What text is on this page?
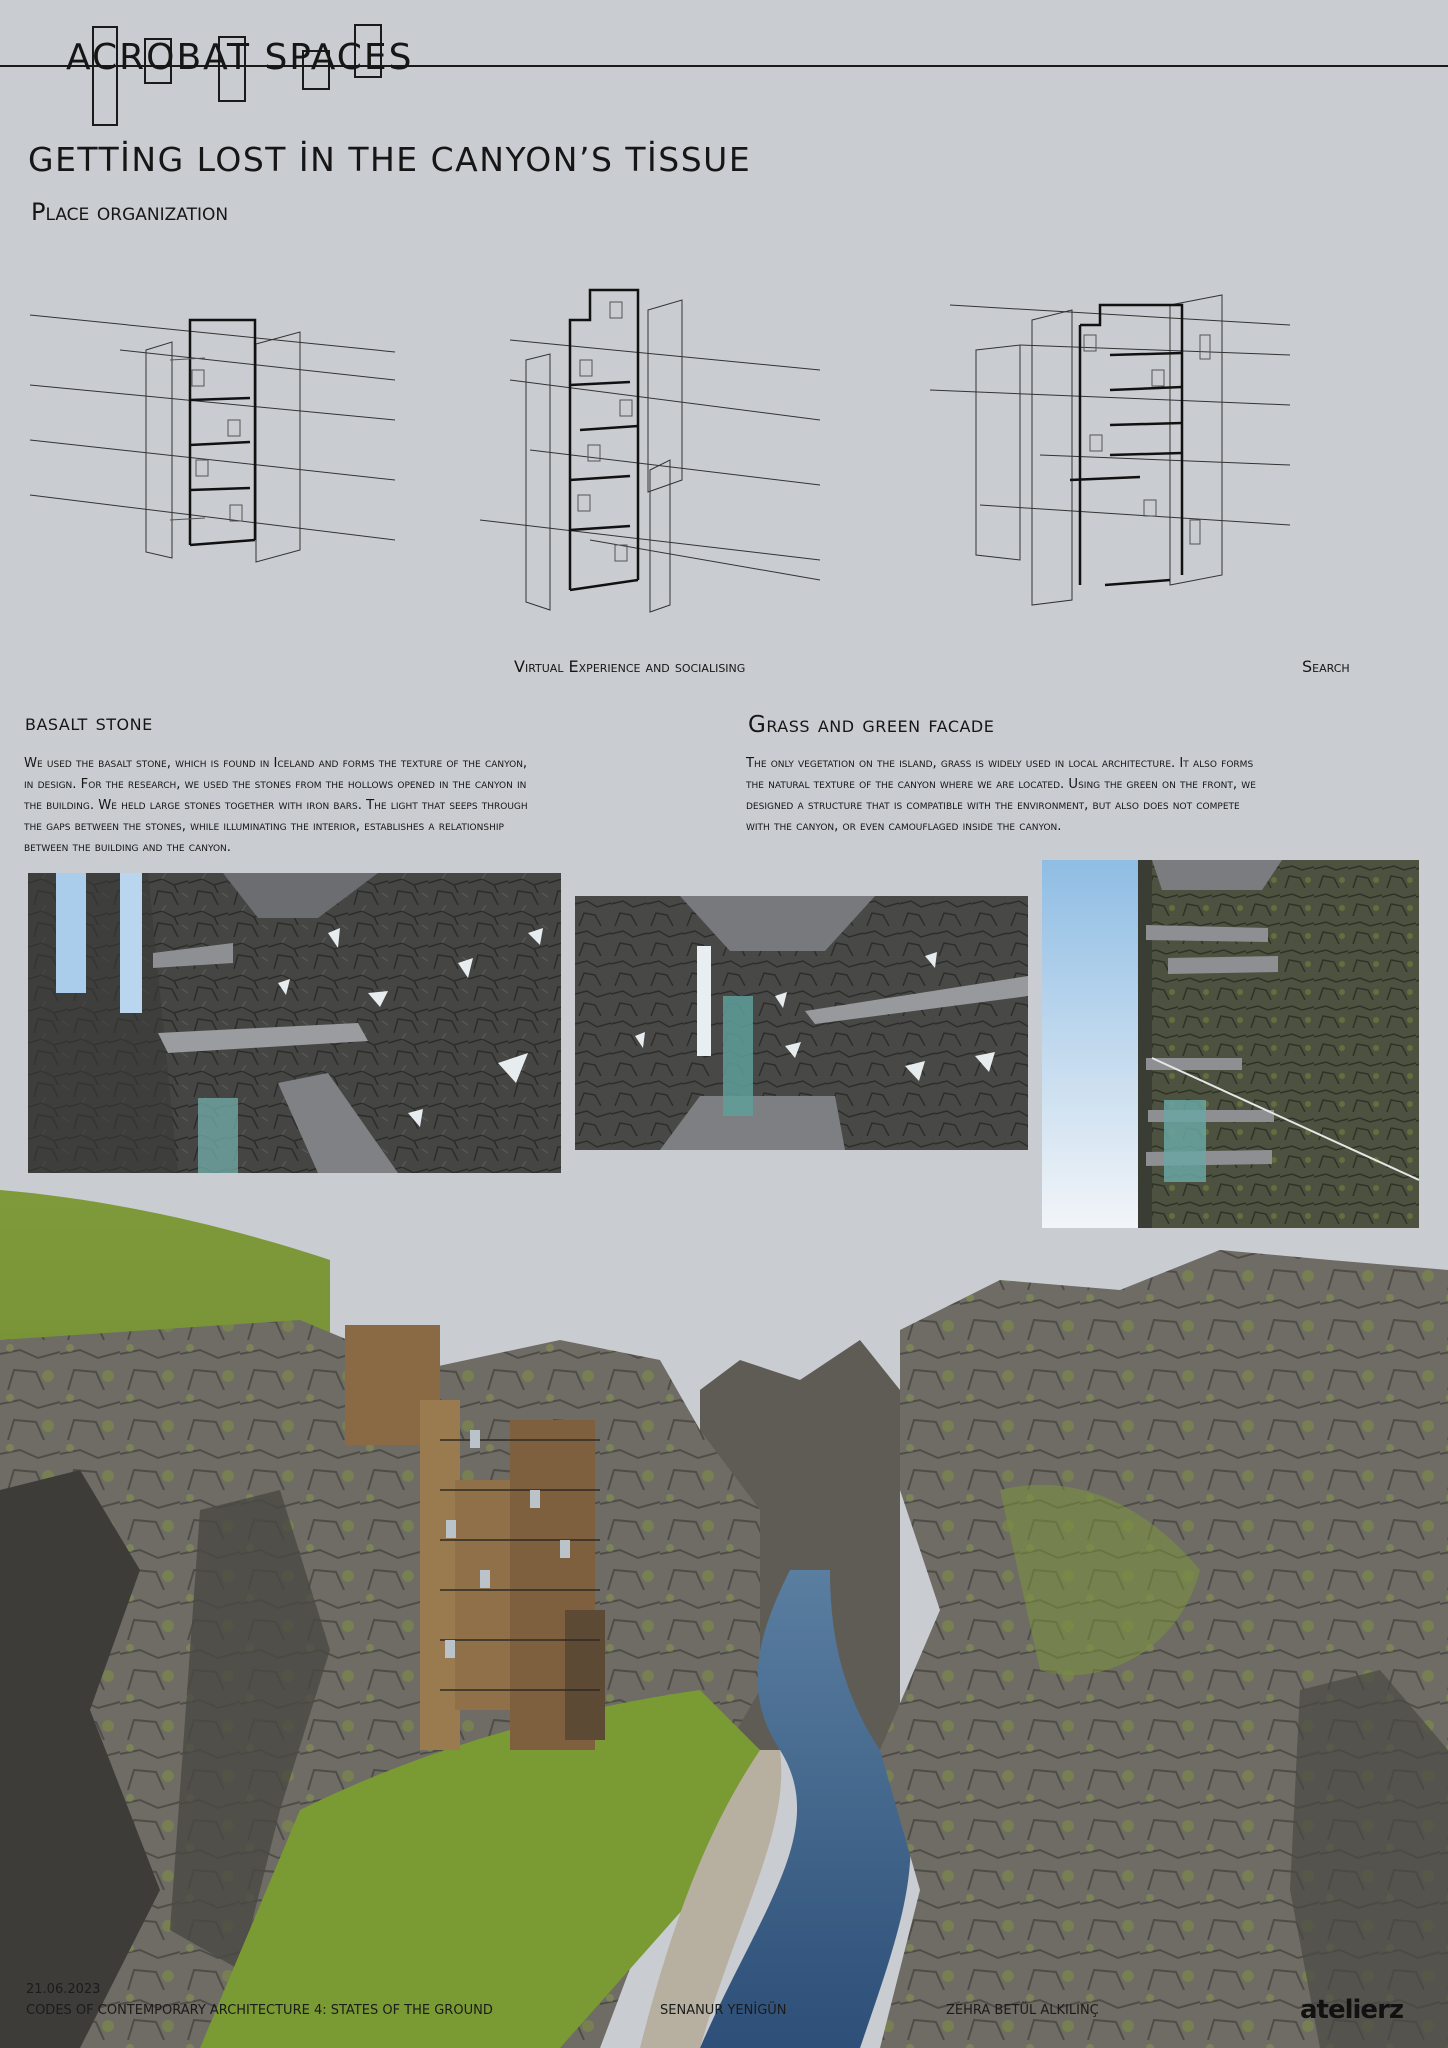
ACROBAT SPACES
GETTİNG LOST İN THE CANYON’S TİSSUE
Place organization
Virtual Experience and socialising	Search
basalt stone
We used the basalt stone, which is found in Iceland and forms the texture of the canyon,
in design. For the research, we used the stones from the hollows opened in the canyon in
the building. We held large stones together with iron bars. The light that seeps through
the gaps between the stones, while illuminating the interior, establishes a relationship
between the building and the canyon.
Grass and green facade
The only vegetation on the island, grass is widely used in local architecture. It also forms
the natural texture of the canyon where we are located. Using the green on the front, we
designed a structure that is compatible with the environment, but also does not compete
with the canyon, or even camouflaged inside the canyon.
21.06.2023
CODES OF CONTEMPORARY ARCHITECTURE 4: STATES OF THE GROUND	SENANUR YENİGÜN	ZEHRA BETÜL ALKILINÇ	atelierz
